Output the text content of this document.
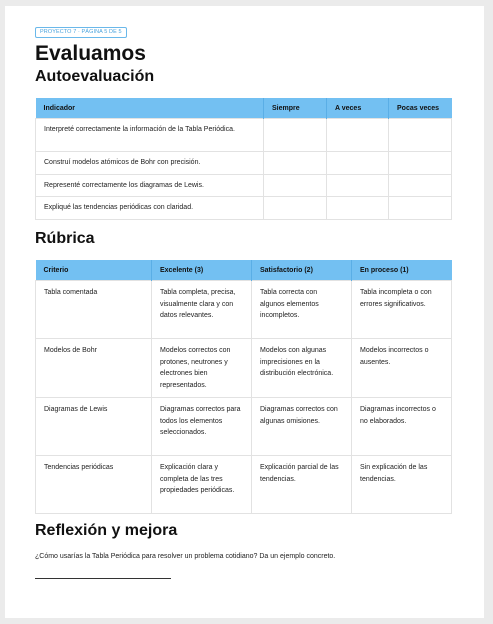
PROYECTO 7 · PÁGINA 5 DE 5
Evaluamos
Autoevaluación
Indicador	Siempre	A veces	Pocas veces
Interpreté correctamente la información de la Tabla Periódica.			
Construí modelos atómicos de Bohr con precisión.			
Representé correctamente los diagramas de Lewis.			
Expliqué las tendencias periódicas con claridad.			
Rúbrica
Criterio	Excelente (3)	Satisfactorio (2)	En proceso (1)
Tabla comentada	Tabla completa, precisa, visualmente clara y con datos relevantes.	Tabla correcta con algunos elementos incompletos.	Tabla incompleta o con errores significativos.
Modelos de Bohr	Modelos correctos con protones, neutrones y electrones bien representados.	Modelos con algunas imprecisiones en la distribución electrónica.	Modelos incorrectos o ausentes.
Diagramas de Lewis	Diagramas correctos para todos los elementos seleccionados.	Diagramas correctos con algunas omisiones.	Diagramas incorrectos o no elaborados.
Tendencias periódicas	Explicación clara y completa de las tres propiedades periódicas.	Explicación parcial de las tendencias.	Sin explicación de las tendencias.
Reflexión y mejora
¿Cómo usarías la Tabla Periódica para resolver un problema cotidiano? Da un ejemplo concreto.
